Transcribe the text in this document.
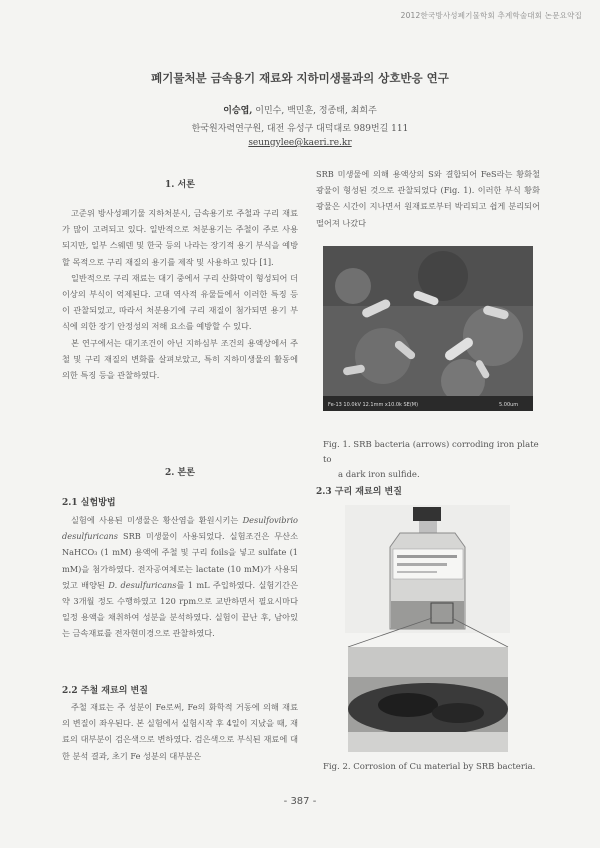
2012한국방사성폐기물학회 추계학술대회 논문요약집
폐기물처분 금속용기 재료와 지하미생물과의 상호반응 연구
이승엽, 이민수, 백민훈, 정종태, 최희주
한국원자력연구원, 대전 유성구 대덕대로 989번길 111
seungylee@kaeri.re.kr
1. 서론

고준위 방사성폐기물 지하처분시, 금속용기로 주철과 구리 재료가 많이 고려되고 있다. 일반적으로 처분용기는 주철이 주로 사용되지만, 일부 스웨덴 및 한국 등의 나라는 장기적 용기 부식을 예방할 목적으로 구리 재질의 용기를 제작 및 사용하고 있다 [1].

일반적으로 구리 재료는 대기 중에서 구리 산화막이 형성되어 더 이상의 부식이 억제된다. 고대 역사적 유물들에서 이러한 특징 등이 관찰되었고, 따라서 처분용기에 구리 재질이 첨가되면 용기 부식에 의한 장기 안정성의 저해 요소를 예방할 수 있다.

본 연구에서는 대기조건이 아닌 지하심부 조건의 용액상에서 주철 및 구리 재질의 변화를 살펴보았고, 특히 지하미생물의 활동에 의한 특징 등을 관찰하였다.

2. 본론
2.1 실험방법

실험에 사용된 미생물은 황산염을 환원시키는 Desulfovibrio desulfuricans SRB 미생물이 사용되었다. 실험조건은 무산소 NaHCO₃ (1 mM) 용액에 주철 및 구리 foils을 넣고 sulfate (1 mM)을 첨가하였다. 전자공여체로는 lactate (10 mM)가 사용되었고 배양된 D. desulfuricans를 1 mL 주입하였다. 실험기간은 약 3개월 정도 수행하였고 120 rpm으로 교반하면서 필요시마다 일정 용액을 채취하여 성분을 분석하였다. 실험이 끝난 후, 남아있는 금속재료를 전자현미경으로 관찰하였다.

2.2 주철 재료의 변질

주철 재료는 주 성분이 Fe로써, Fe의 화학적 거동에 의해 재료의 변질이 좌우된다. 본 실험에서 실험시작 후 4일이 지났을 때, 재료의 대부분이 검은색으로 변하였다. 검은색으로 부식된 재료에 대한 분석 결과, 초기 Fe 성분의 대부분은

SRB 미생물에 의해 용액상의 S와 결합되어 FeS라는 황화철 광물이 형성된 것으로 관찰되었다 (Fig. 1). 이러한 부식 황화광물은 시간이 지나면서 원재료로부터 박리되고 쉽게 분리되어 떨어져 나갔다

Fe-13 10.0kV 12.1mm x10.0k SE(M)	5.00um
Fig. 1. SRB bacteria (arrows) corroding iron plate to
a dark iron sulfide.
2.3 구리 재료의 변질
Fig. 2. Corrosion of Cu material by SRB bacteria.
- 387 -
